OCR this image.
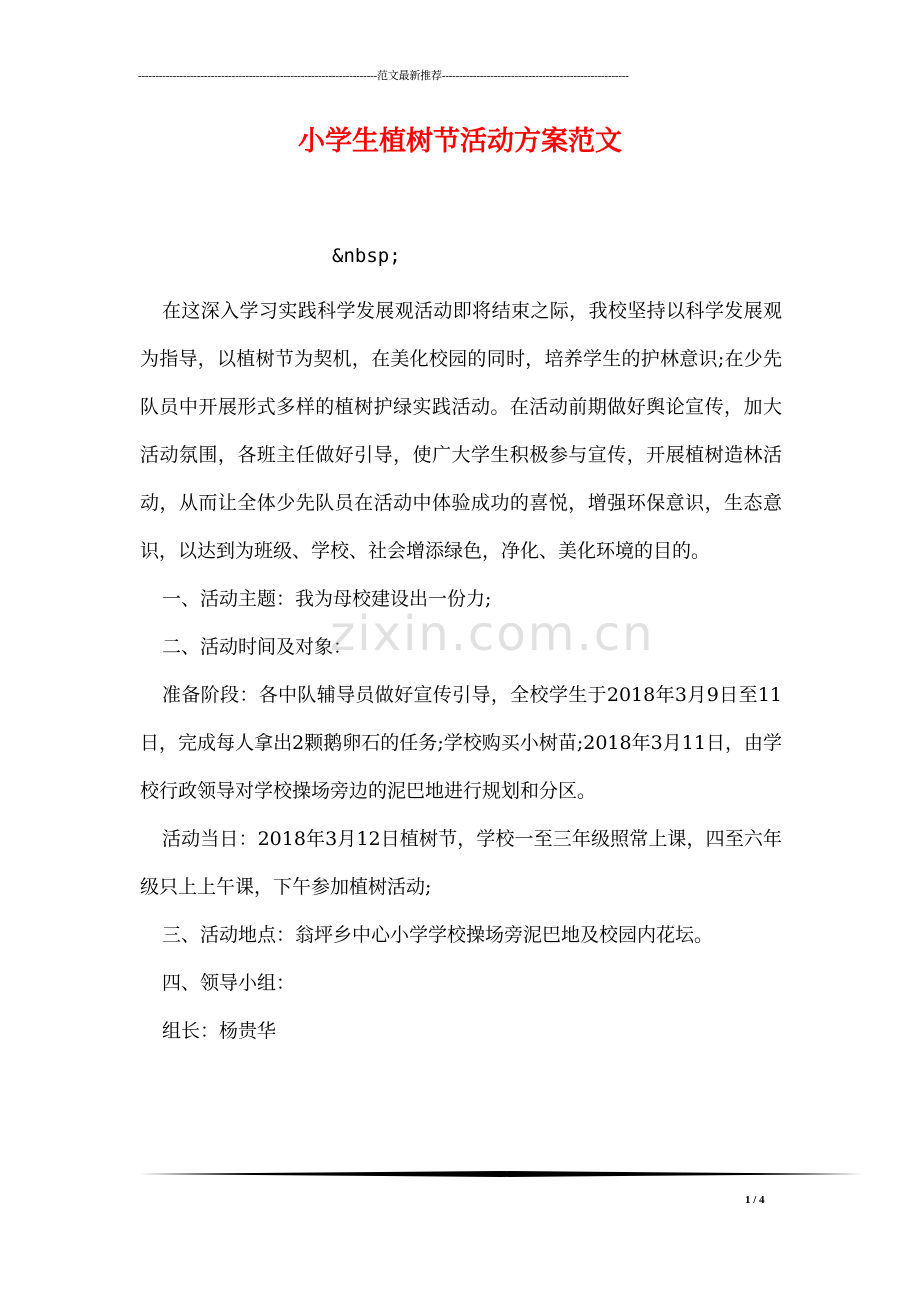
---------------------------------------------------------------------范文最新推荐------------------------------------------------------
小学生植树节活动方案范文
&nbsp;

在这深入学习实践科学发展观活动即将结束之际，我校坚持以科学发展观为指导，以植树节为契机，在美化校园的同时，培养学生的护林意识;在少先队员中开展形式多样的植树护绿实践活动。在活动前期做好舆论宣传，加大活动氛围，各班主任做好引导，使广大学生积极参与宣传，开展植树造林活动，从而让全体少先队员在活动中体验成功的喜悦，增强环保意识，生态意识，以达到为班级、学校、社会增添绿色，净化、美化环境的目的。

一、活动主题：我为母校建设出一份力;

二、活动时间及对象：

准备阶段：各中队辅导员做好宣传引导，全校学生于2018年3月9日至11日，完成每人拿出2颗鹅卵石的任务;学校购买小树苗;2018年3月11日，由学校行政领导对学校操场旁边的泥巴地进行规划和分区。

活动当日：2018年3月12日植树节，学校一至三年级照常上课，四至六年级只上上午课，下午参加植树活动;

三、活动地点：翁坪乡中心小学学校操场旁泥巴地及校园内花坛。

四、领导小组：

组长：杨贵华

zixin.com.cn
1 / 4
